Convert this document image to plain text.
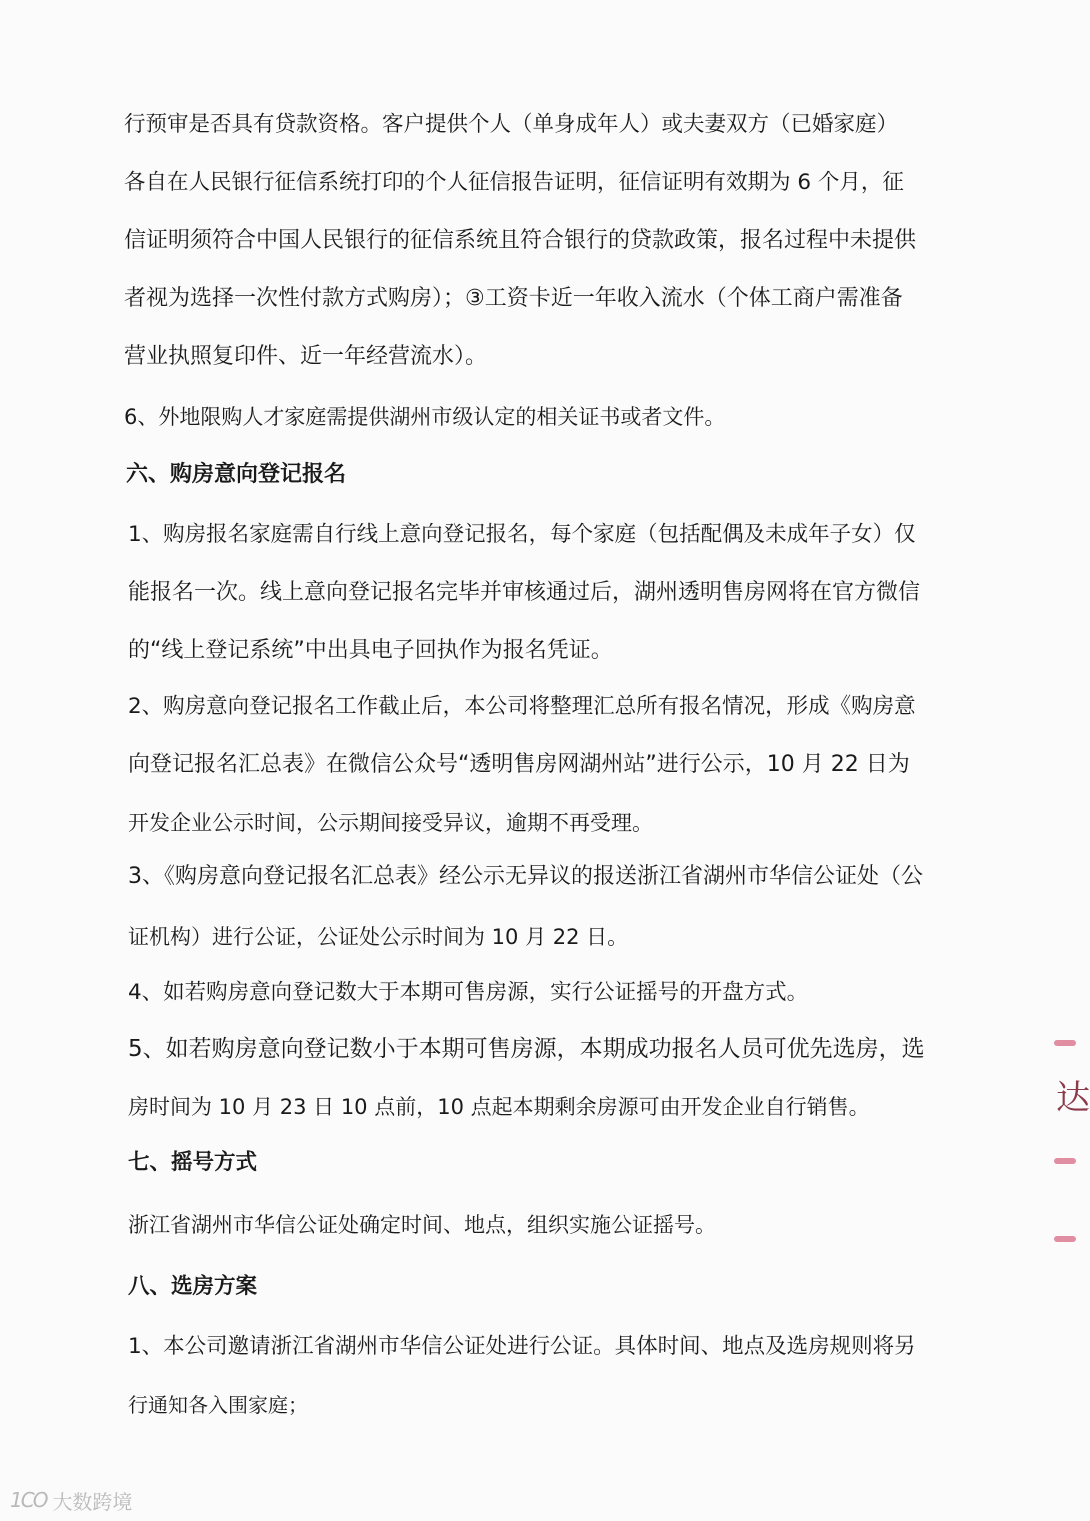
行预审是否具有贷款资格。客户提供个人（单身成年人）或夫妻双方（已婚家庭）
各自在人民银行征信系统打印的个人征信报告证明，征信证明有效期为 6 个月，征
信证明须符合中国人民银行的征信系统且符合银行的贷款政策，报名过程中未提供
者视为选择一次性付款方式购房）；③工资卡近一年收入流水（个体工商户需准备
营业执照复印件、近一年经营流水）。
6、外地限购人才家庭需提供湖州市级认定的相关证书或者文件。
六、购房意向登记报名
1、购房报名家庭需自行线上意向登记报名，每个家庭（包括配偶及未成年子女）仅
能报名一次。线上意向登记报名完毕并审核通过后，湖州透明售房网将在官方微信
的“线上登记系统”中出具电子回执作为报名凭证。
2、购房意向登记报名工作截止后，本公司将整理汇总所有报名情况，形成《购房意
向登记报名汇总表》在微信公众号“透明售房网湖州站”进行公示，10 月 22 日为
开发企业公示时间，公示期间接受异议，逾期不再受理。
3、《购房意向登记报名汇总表》经公示无异议的报送浙江省湖州市华信公证处（公
证机构）进行公证，公证处公示时间为 10 月 22 日。
4、如若购房意向登记数大于本期可售房源，实行公证摇号的开盘方式。
5、如若购房意向登记数小于本期可售房源，本期成功报名人员可优先选房，选
房时间为 10 月 23 日 10 点前，10 点起本期剩余房源可由开发企业自行销售。
七、摇号方式
浙江省湖州市华信公证处确定时间、地点，组织实施公证摇号。
八、选房方案
1、本公司邀请浙江省湖州市华信公证处进行公证。具体时间、地点及选房规则将另
行通知各入围家庭；
达
1CO 大数跨境
